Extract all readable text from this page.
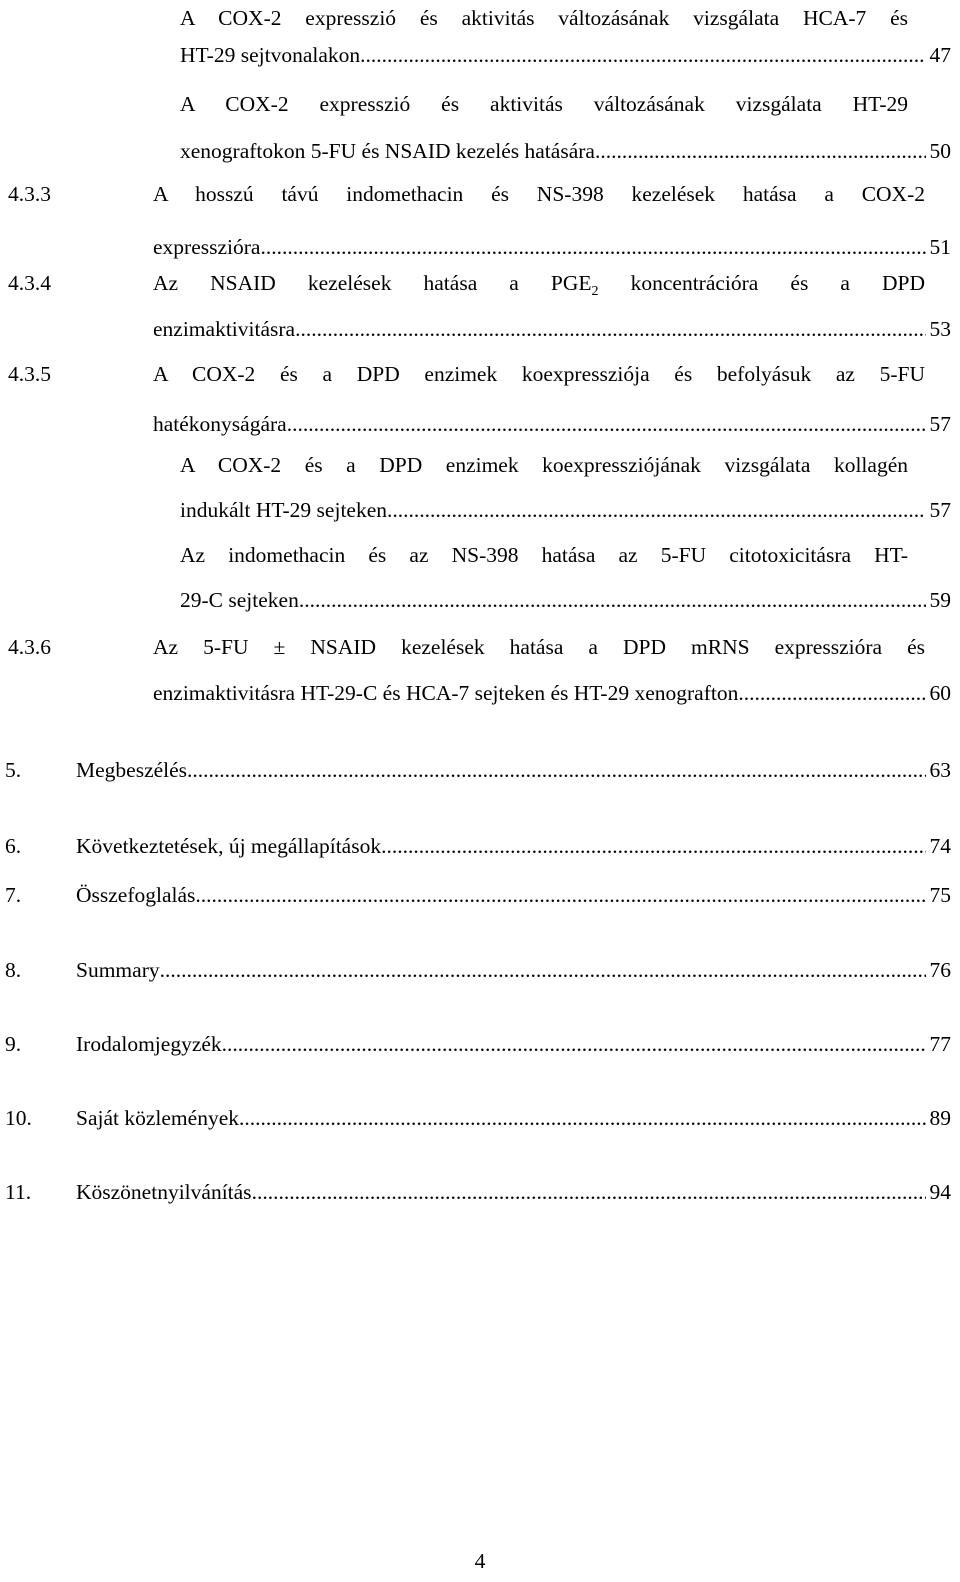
A COX-2 expresszió és aktivitás változásának vizsgálata HCA-7 és
HT-29 sejtvonalakon .....	47
A COX-2 expresszió és aktivitás változásának vizsgálata HT-29
xenograftokon 5-FU és NSAID kezelés hatására .....	50
4.3.3	A hosszú távú indomethacin és NS-398 kezelések hatása a COX-2
expresszióra .....	51
4.3.4	Az NSAID kezelések hatása a $PGE_2$ koncentrációra és a DPD
enzimaktivitásra .....	53
4.3.5	A COX-2 és a DPD enzimek koexpressziója és befolyásuk az 5-FU
hatékonyságára .....	57
A COX-2 és a DPD enzimek koexpressziójának vizsgálata kollagén
indukált HT-29 sejteken .....	57
Az indomethacin és az NS-398 hatása az 5-FU citotoxicitásra HT-
29-C sejteken .....	59
4.3.6	Az 5-FU ± NSAID kezelések hatása a DPD mRNS expresszióra és
enzimaktivitásra HT-29-C és HCA-7 sejteken és HT-29 xenografton .....	60
5.	Megbeszélés .....	63
6.	Következtetések, új megállapítások .....	74
7.	Összefoglalás .....	75
8.	Summary .....	76
9.	Irodalomjegyzék .....	77
10. Saját közlemények .....	89
11. Köszönetnyilvánítás .....	94
4
